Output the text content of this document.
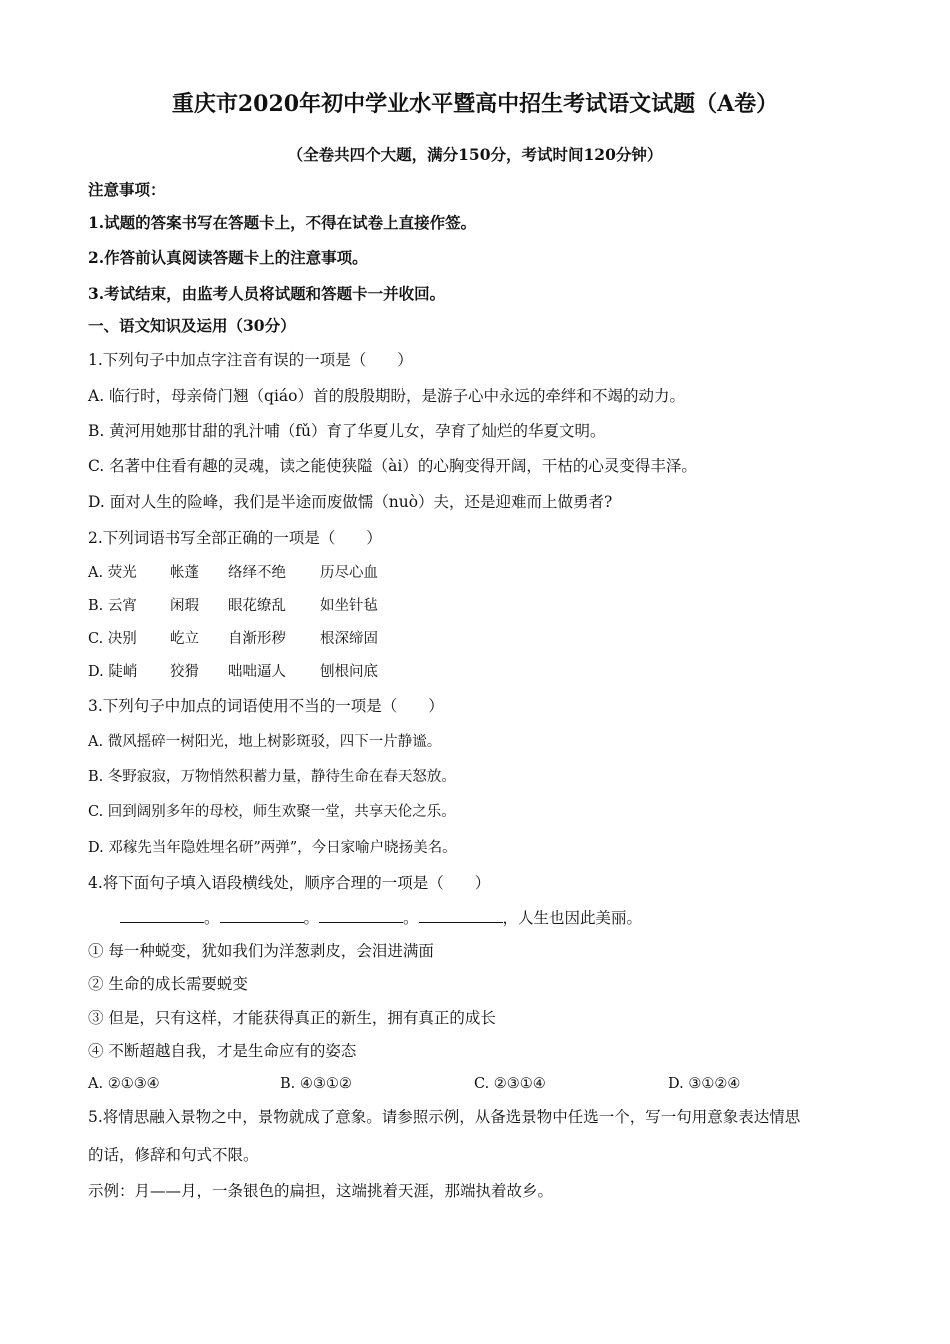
重庆市2020年初中学业水平暨高中招生考试语文试题（A卷）
（全卷共四个大题，满分150分，考试时间120分钟）
注意事项：
1.试题的答案书写在答题卡上，不得在试卷上直接作签。
2.作答前认真阅读答题卡上的注意事项。
3.考试结束，由监考人员将试题和答题卡一并收回。
一、语文知识及运用（30分）
1.下列句子中加点字注音有误的一项是（　　）
A. 临行时，母亲倚门翘（qiáo）首的殷殷期盼，是游子心中永远的牵绊和不竭的动力。
B. 黄河用她那甘甜的乳汁哺（fǔ）育了华夏儿女，孕育了灿烂的华夏文明。
C. 名著中住看有趣的灵魂，读之能使狭隘（ài）的心胸变得开阔，干枯的心灵变得丰泽。
D. 面对人生的险峰，我们是半途而废做懦（nuò）夫，还是迎难而上做勇者?
2.下列词语书写全部正确的一项是（　　）
A. 荧光 帐蓬 络绎不绝 历尽心血
B. 云宵 闲瑕 眼花缭乱 如坐针毡
C. 决别 屹立 自渐形秽 根深缔固
D. 陡峭 狡猾 咄咄逼人 刨根问底
3.下列句子中加点的词语使用不当的一项是（　　）
A. 微风摇碎一树阳光，地上树影斑驳，四下一片静谧。
B. 冬野寂寂，万物悄然积蓄力量，静待生命在春天怒放。
C. 回到阔别多年的母校，师生欢聚一堂，共享天伦之乐。
D. 邓稼先当年隐姓埋名研”两弹”，今日家喻户晓扬美名。
4.将下面句子填入语段横线处，顺序合理的一项是（　　）
。	。	。	，人生也因此美丽。
① 每一种蜕变，犹如我们为洋葱剥皮，会泪进满面
② 生命的成长需要蜕变
③ 但是，只有这样，才能获得真正的新生，拥有真正的成长
④ 不断超越自我，才是生命应有的姿态
A. ②①③④	B. ④③①②	C. ②③①④	D. ③①②④
5.将情思融入景物之中，景物就成了意象。请参照示例，从备选景物中任选一个，写一句用意象表达情思
的话，修辞和句式不限。
示例：月——月，一条银色的扁担，这端挑着天涯，那端执着故乡。
